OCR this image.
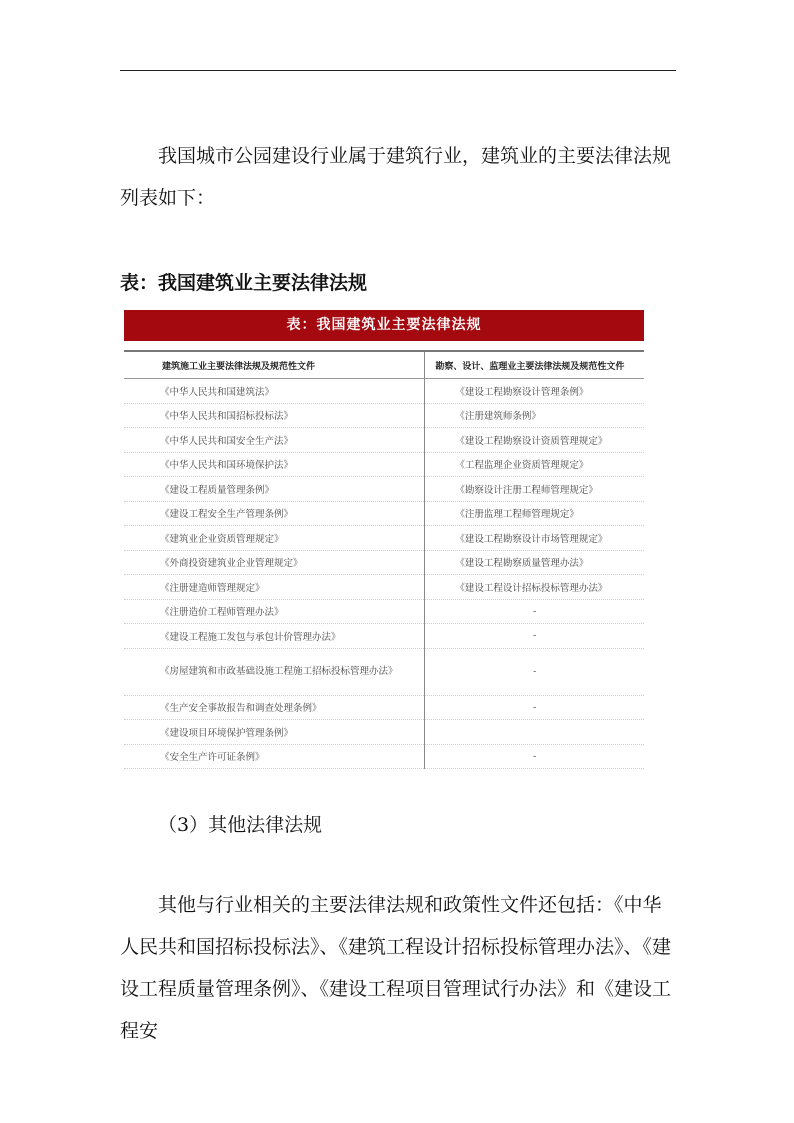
我国城市公园建设行业属于建筑行业，建筑业的主要法律法规列表如下：

表：我国建筑业主要法律法规
表：我国建筑业主要法律法规
建筑施工业主要法律法规及规范性文件	勘察、设计、监理业主要法律法规及规范性文件
《中华人民共和国建筑法》	《建设工程勘察设计管理条例》
《中华人民共和国招标投标法》	《注册建筑师条例》
《中华人民共和国安全生产法》	《建设工程勘察设计资质管理规定》
《中华人民共和国环境保护法》	《工程监理企业资质管理规定》
《建设工程质量管理条例》	《勘察设计注册工程师管理规定》
《建设工程安全生产管理条例》	《注册监理工程师管理规定》
《建筑业企业资质管理规定》	《建设工程勘察设计市场管理规定》
《外商投资建筑业企业管理规定》	《建设工程勘察质量管理办法》
《注册建造师管理规定》	《建设工程设计招标投标管理办法》
《注册造价工程师管理办法》	-
《建设工程施工发包与承包计价管理办法》	-
《房屋建筑和市政基础设施工程施工招标投标管理办法》	-
《生产安全事故报告和调查处理条例》	-
《建设项目环境保护管理条例》	
《安全生产许可证条例》	-
（3）其他法律法规

其他与行业相关的主要法律法规和政策性文件还包括：《中华人民共和国招标投标法》、《建筑工程设计招标投标管理办法》、《建设工程质量管理条例》、《建设工程项目管理试行办法》和《建设工程安
